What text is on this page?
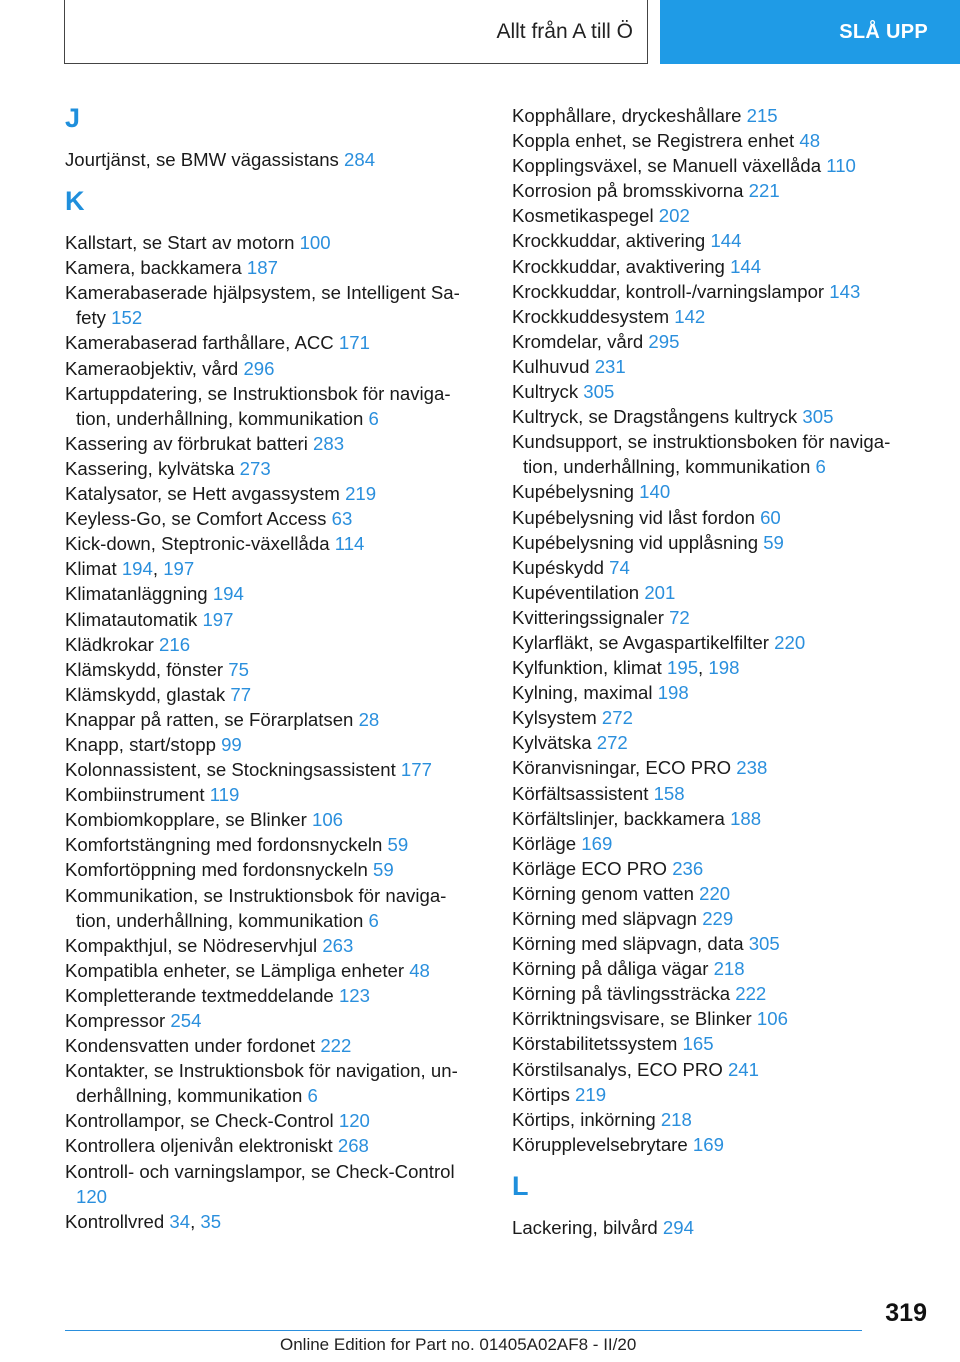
Allt från A till Ö	SLÅ UPP
J
Jourtjänst, se BMW vägassistans 284
K
Kallstart, se Start av motorn 100
Kamera, backkamera 187
Kamerabaserade hjälpsystem, se Intelligent Safety 152
Kamerabaserad farthållare, ACC 171
Kameraobjektiv, vård 296
Kartuppdatering, se Instruktionsbok för navigation, underhållning, kommunikation 6
Kassering av förbrukat batteri 283
Kassering, kylvätska 273
Katalysator, se Hett avgassystem 219
Keyless-Go, se Comfort Access 63
Kick-down, Steptronic-växellåda 114
Klimat 194, 197
Klimatanläggning 194
Klimatautomatik 197
Klädkrokar 216
Klämskydd, fönster 75
Klämskydd, glastak 77
Knappar på ratten, se Förarplatsen 28
Knapp, start/stopp 99
Kolonnassistent, se Stockningsassistent 177
Kombiinstrument 119
Kombiomkopplare, se Blinker 106
Komfortstängning med fordonsnyckeln 59
Komfortöppning med fordonsnyckeln 59
Kommunikation, se Instruktionsbok för navigation, underhållning, kommunikation 6
Kompakthjul, se Nödreservhjul 263
Kompatibla enheter, se Lämpliga enheter 48
Kompletterande textmeddelande 123
Kompressor 254
Kondensvatten under fordonet 222
Kontakter, se Instruktionsbok för navigation, underhållning, kommunikation 6
Kontrollampor, se Check-Control 120
Kontrollera oljenivån elektroniskt 268
Kontroll- och varningslampor, se Check-Control 120
Kontrollvred 34, 35
Kopphållare, dryckeshållare 215
Koppla enhet, se Registrera enhet 48
Kopplingsväxel, se Manuell växellåda 110
Korrosion på bromsskivorna 221
Kosmetikaspegel 202
Krockkuddar, aktivering 144
Krockkuddar, avaktivering 144
Krockkuddar, kontroll-/varningslampor 143
Krockkuddesystem 142
Kromdelar, vård 295
Kulhuvud 231
Kultryck 305
Kultryck, se Dragstångens kultryck 305
Kundsupport, se instruktionsboken för navigation, underhållning, kommunikation 6
Kupébelysning 140
Kupébelysning vid låst fordon 60
Kupébelysning vid upplåsning 59
Kupéskydd 74
Kupéventilation 201
Kvitteringssignaler 72
Kylarfläkt, se Avgaspartikelfilter 220
Kylfunktion, klimat 195, 198
Kylning, maximal 198
Kylsystem 272
Kylvätska 272
Köranvisningar, ECO PRO 238
Körfältsassistent 158
Körfältslinjer, backkamera 188
Körläge 169
Körläge ECO PRO 236
Körning genom vatten 220
Körning med släpvagn 229
Körning med släpvagn, data 305
Körning på dåliga vägar 218
Körning på tävlingssträcka 222
Körriktningsvisare, se Blinker 106
Körstabilitetssystem 165
Körstilsanalys, ECO PRO 241
Körtips 219
Körtips, inkörning 218
Körupplevelsebrytare 169
L
Lackering, bilvård 294
319
Online Edition for Part no. 01405A02AF8 - II/20
